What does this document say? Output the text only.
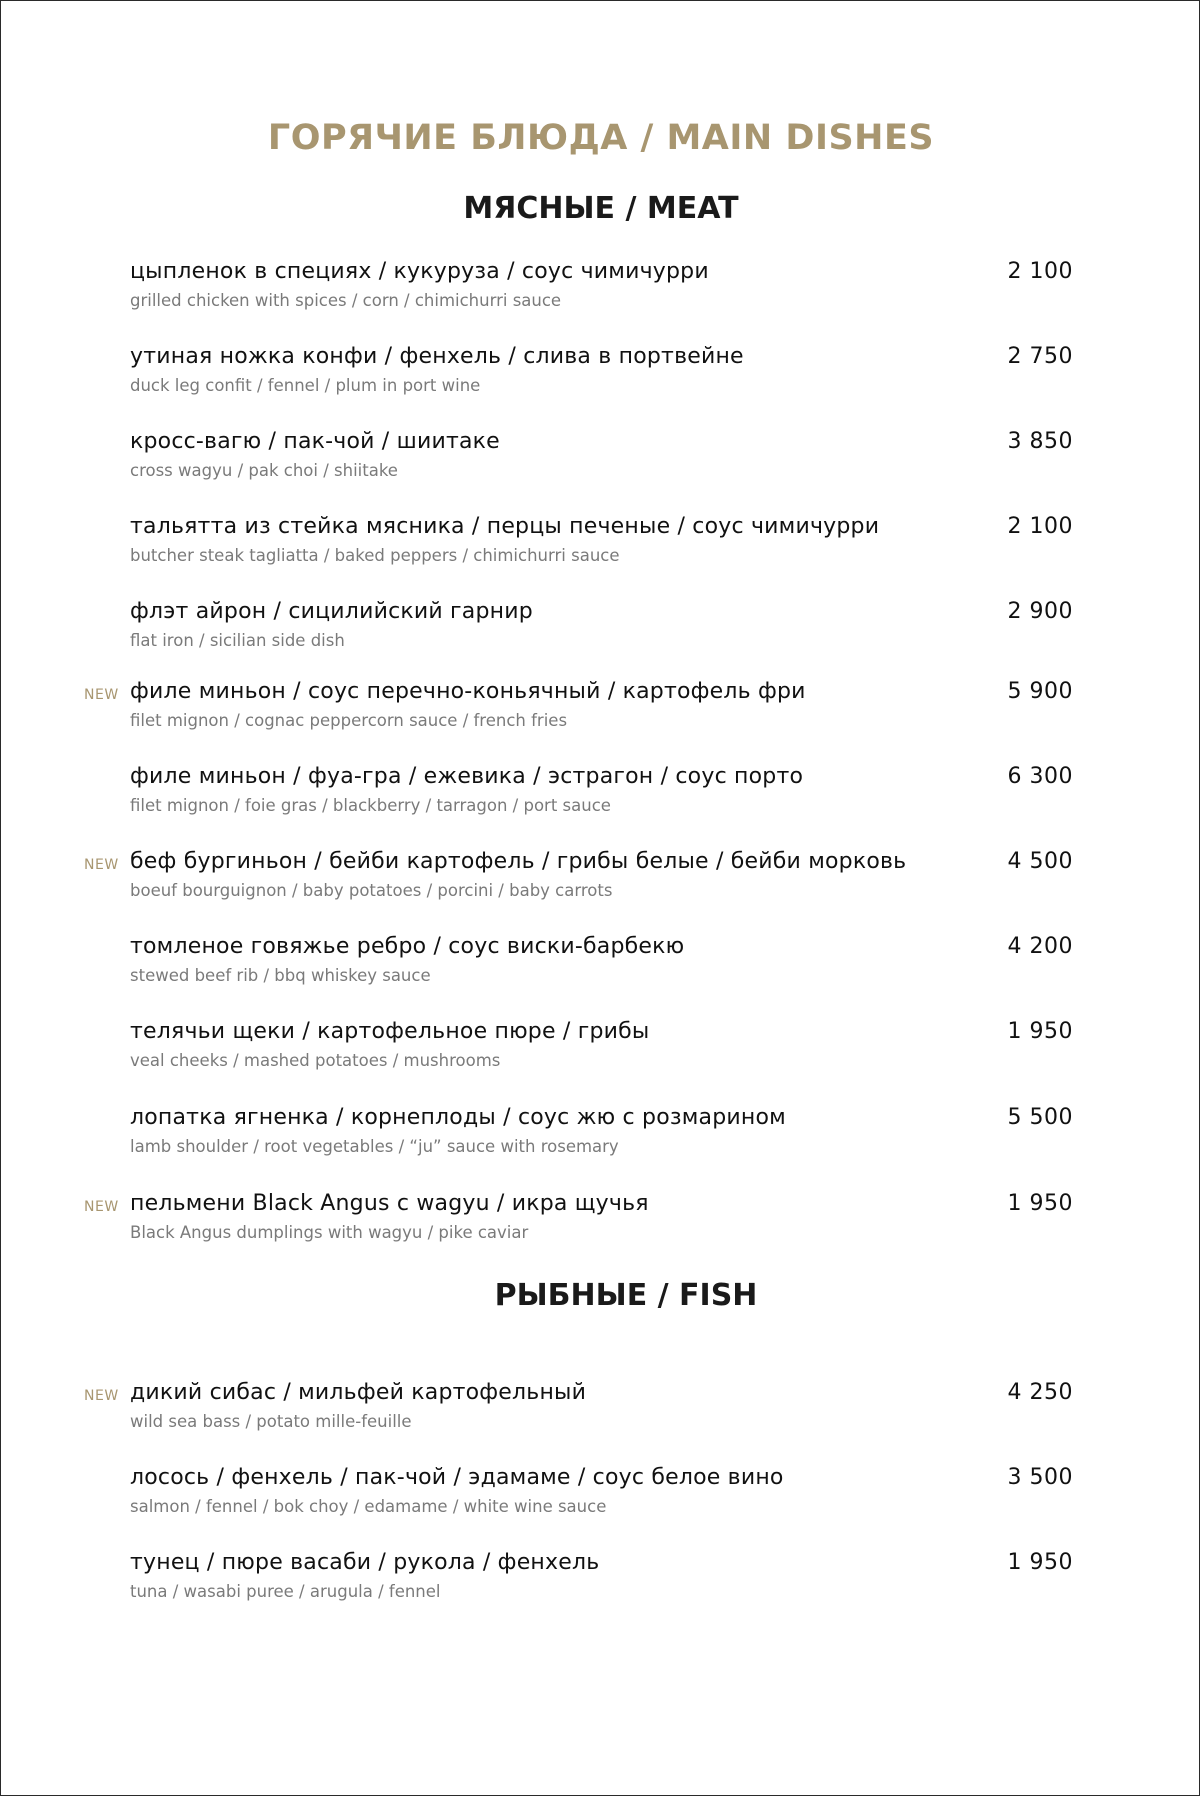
ГОРЯЧИЕ БЛЮДА / MAIN DISHES
МЯСНЫЕ / MEAT
цыпленок в специях / кукуруза / соус чимичурри
grilled chicken with spices / corn / chimichurri sauce
2 100
утиная ножка конфи / фенхель / слива в портвейне
duck leg confit / fennel / plum in port wine
2 750
кросс-вагю / пак-чой / шиитаке
cross wagyu / pak choi / shiitake
3 850
тальятта из стейка мясника / перцы печеные / соус чимичурри
butcher steak tagliatta / baked peppers / chimichurri sauce
2 100
флэт айрон / сицилийский гарнир
flat iron / sicilian side dish
2 900
NEW филе миньон / соус перечно-коньячный / картофель фри
filet mignon / cognac peppercorn sauce / french fries
5 900
филе миньон / фуа-гра / ежевика / эстрагон / соус порто
filet mignon / foie gras / blackberry / tarragon / port sauce
6 300
NEW беф бургиньон / бейби картофель / грибы белые / бейби морковь
boeuf bourguignon / baby potatoes / porcini / baby carrots
4 500
томленое говяжье ребро / соус виски-барбекю
stewed beef rib / bbq whiskey sauce
4 200
телячьи щеки / картофельное пюре / грибы
veal cheeks / mashed potatoes / mushrooms
1 950
лопатка ягненка / корнеплоды / соус жю с розмарином
lamb shoulder / root vegetables / “ju” sauce with rosemary
5 500
NEW пельмени Black Angus с wagyu / икра щучья
Black Angus dumplings with wagyu / pike caviar
1 950
РЫБНЫЕ / FISH
NEW дикий сибас / мильфей картофельный
wild sea bass / potato mille-feuille
4 250
лосось / фенхель / пак-чой / эдамаме / соус белое вино
salmon / fennel / bok choy / edamame / white wine sauce
3 500
тунец / пюре васаби / рукола / фенхель
tuna / wasabi puree / arugula / fennel
1 950
